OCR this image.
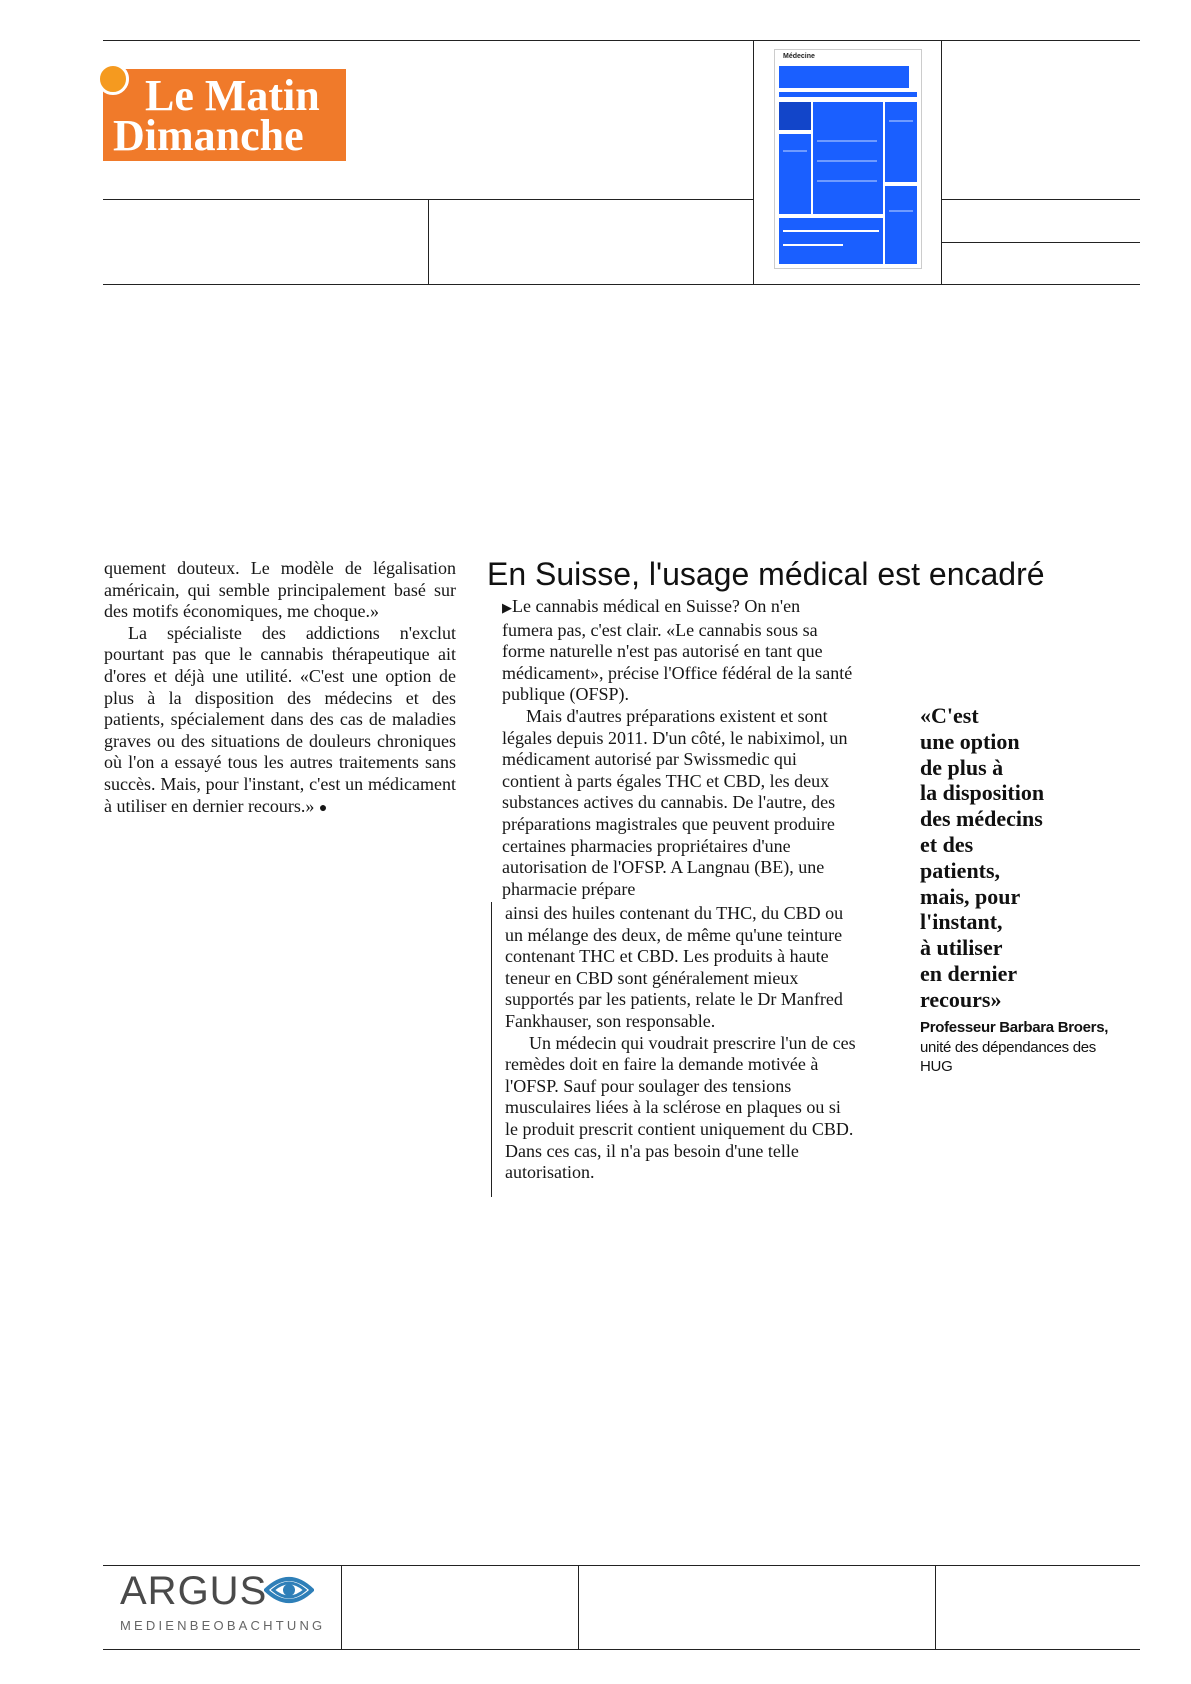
Le Matin
Dimanche
Médecine

quement douteux. Le modèle de légalisation américain, qui semble principalement basé sur des motifs économiques, me choque.»

La spécialiste des addictions n'exclut pourtant pas que le cannabis thérapeutique ait d'ores et déjà une utilité. «C'est une option de plus à la disposition des médecins et des patients, spécialement dans des cas de maladies graves ou des situations de douleurs chroniques où l'on a essayé tous les autres traitements sans succès. Mais, pour l'instant, c'est un médicament à utiliser en dernier recours.» ●

En Suisse, l'usage médical est encadré

▶Le cannabis médical en Suisse? On n'en fumera pas, c'est clair. «Le cannabis sous sa forme naturelle n'est pas autorisé en tant que médicament», précise l'Office fédéral de la santé publique (OFSP).

Mais d'autres préparations existent et sont légales depuis 2011. D'un côté, le nabiximol, un médicament autorisé par Swissmedic qui contient à parts égales THC et CBD, les deux substances actives du cannabis. De l'autre, des préparations magistrales que peuvent produire certaines pharmacies propriétaires d'une autorisation de l'OFSP. A Langnau (BE), une pharmacie prépare

ainsi des huiles contenant du THC, du CBD ou un mélange des deux, de même qu'une teinture contenant THC et CBD. Les produits à haute teneur en CBD sont généralement mieux supportés par les patients, relate le Dr Manfred Fankhauser, son responsable.

Un médecin qui voudrait prescrire l'un de ces remèdes doit en faire la demande motivée à l'OFSP. Sauf pour soulager des tensions musculaires liées à la sclérose en plaques ou si le produit prescrit contient uniquement du CBD. Dans ces cas, il n'a pas besoin d'une telle autorisation.

«C'est
une option
de plus à
la disposition
des médecins
et des
patients,
mais, pour
l'instant,
à utiliser
en dernier
recours»
Professeur Barbara Broers, unité des dépendances des HUG
ARGUS
MEDIENBEOBACHTUNG
